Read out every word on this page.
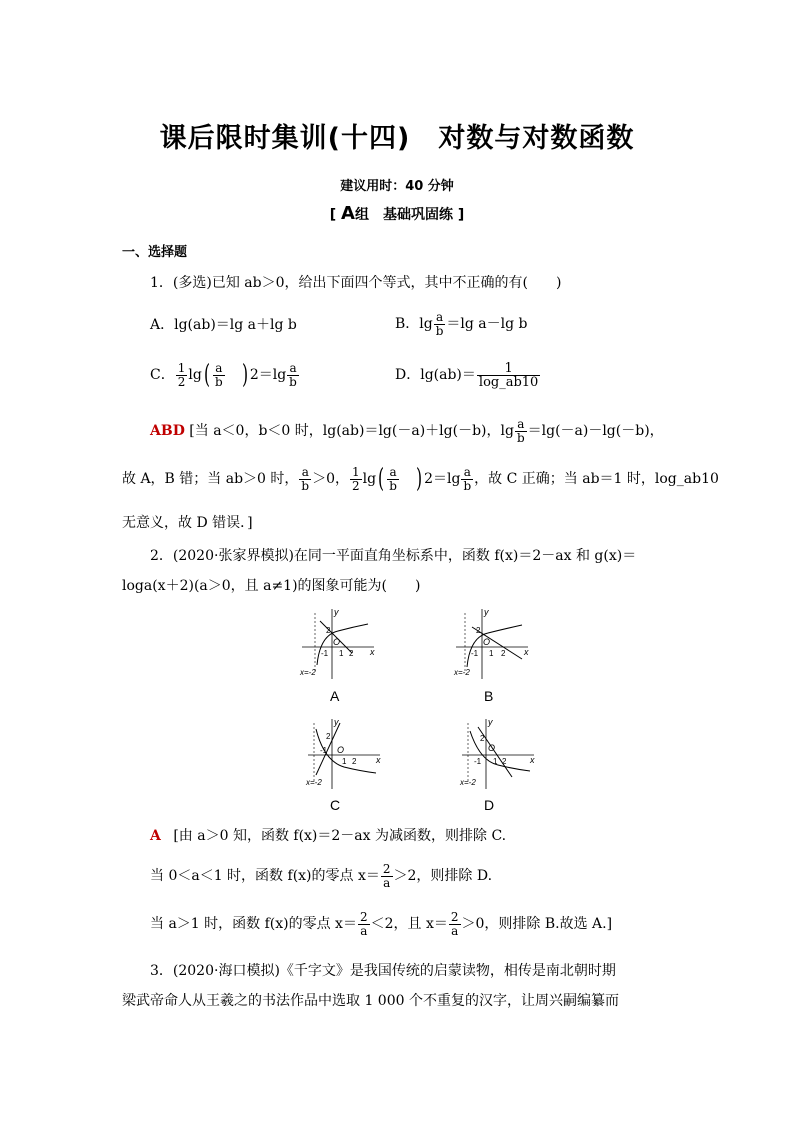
课后限时集训(十四)　对数与对数函数
建议用时：40 分钟
[ A组　基础巩固练 ]
一、选择题
1．(多选)已知 ab＞0，给出下面四个等式，其中不正确的有(　　)
A．lg(ab)＝lg a＋lg b	B．$\lg \frac{a}{b} =\lg$ a－lg b
C． $\frac{1}{2} \lg( \frac{a}{b}$ ) $2=\lg \frac{a}{b}$	D．$\lg(ab)= \frac{1}{\log\_ab10}$
ABD [当 a＜0，b＜0 时，lg(ab)＝lg(－a)＋lg(－b)，$\lg \frac{a}{b} =\lg(-a)-\lg(-b)$，
故 A，B 错；当 ab＞0 时， $\frac{a}{b} >0$， $\frac{1}{2} \lg( \frac{a}{b}$ ) $2=\lg \frac{a}{b}$ ，故 C 正确；当 ab＝1 时，log_ab10
无意义，故 D 错误．]
2．(2020·张家界模拟)在同一平面直角坐标系中，函数 f(x)＝2－ax 和 g(x)＝
loga(x＋2)(a＞0，且 a≠1)的图象可能为(　　)
y
x
O
2
-1 1 2
x=-2
A
y
x
O
2
-1 1 2
x=-2
B
y
x
O
2
-1
1 2
x=-2
C
y
x
O
2
-1 1 2
x=-2
D
A [由 a＞0 知，函数 f(x)＝2－ax 为减函数，则排除 C.
当 0＜a＜1 时，函数 f(x)的零点 $x= \frac{2}{a} >2$，则排除 D.
当 a＞1 时，函数 f(x)的零点 $x= \frac{2}{a} <2$，且 $x= \frac{2}{a} >0$，则排除 B.故选 A.]
3．(2020·海口模拟)《千字文》是我国传统的启蒙读物，相传是南北朝时期
梁武帝命人从王羲之的书法作品中选取 1 000 个不重复的汉字，让周兴嗣编纂而
